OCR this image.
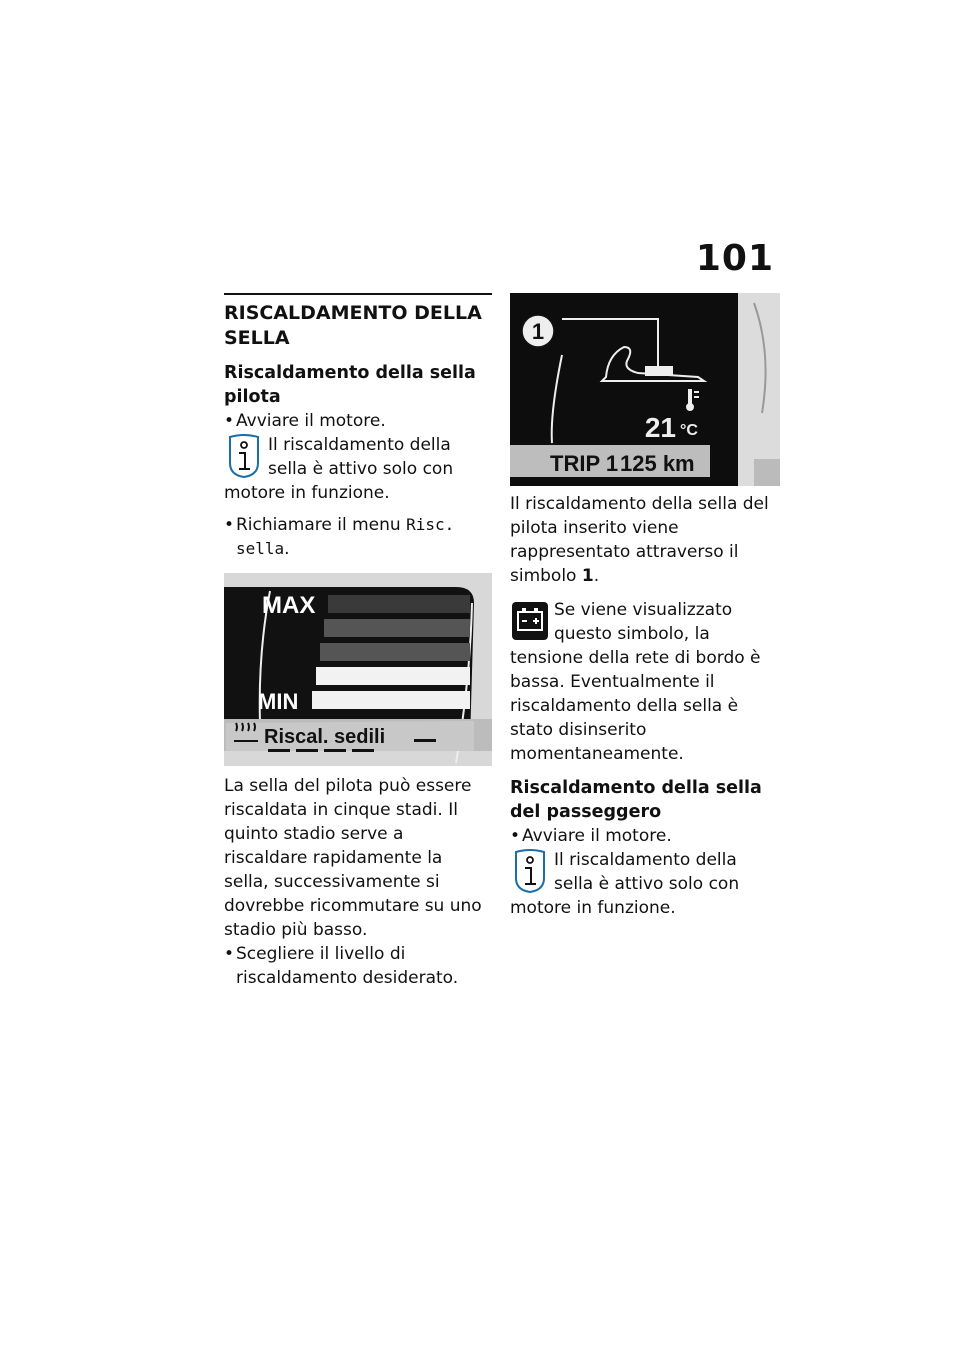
101
RISCALDAMENTO DELLA SELLA
Riscaldamento della sella pilota
• Avviare il motore.
Il riscaldamento della sella è attivo solo con motore in funzione.
• Richiamare il menu Risc. sella.
MAX
MIN
Riscal. sedili

La sella del pilota può essere riscaldata in cinque stadi. Il quinto stadio serve a riscaldare rapidamente la sella, successivamente si dovrebbe ricommutare su uno stadio più basso.

• Scegliere il livello di riscaldamento desiderato.
1
21 °C
TRIP 1 125 km

Il riscaldamento della sella del pilota inserito viene rappresentato attraverso il simbolo 1.

Se viene visualizzato questo simbolo, la tensione della rete di bordo è bassa. Eventualmente il riscaldamento della sella è stato disinserito momentaneamente.
Riscaldamento della sella del passeggero
• Avviare il motore.
Il riscaldamento della sella è attivo solo con motore in funzione.
